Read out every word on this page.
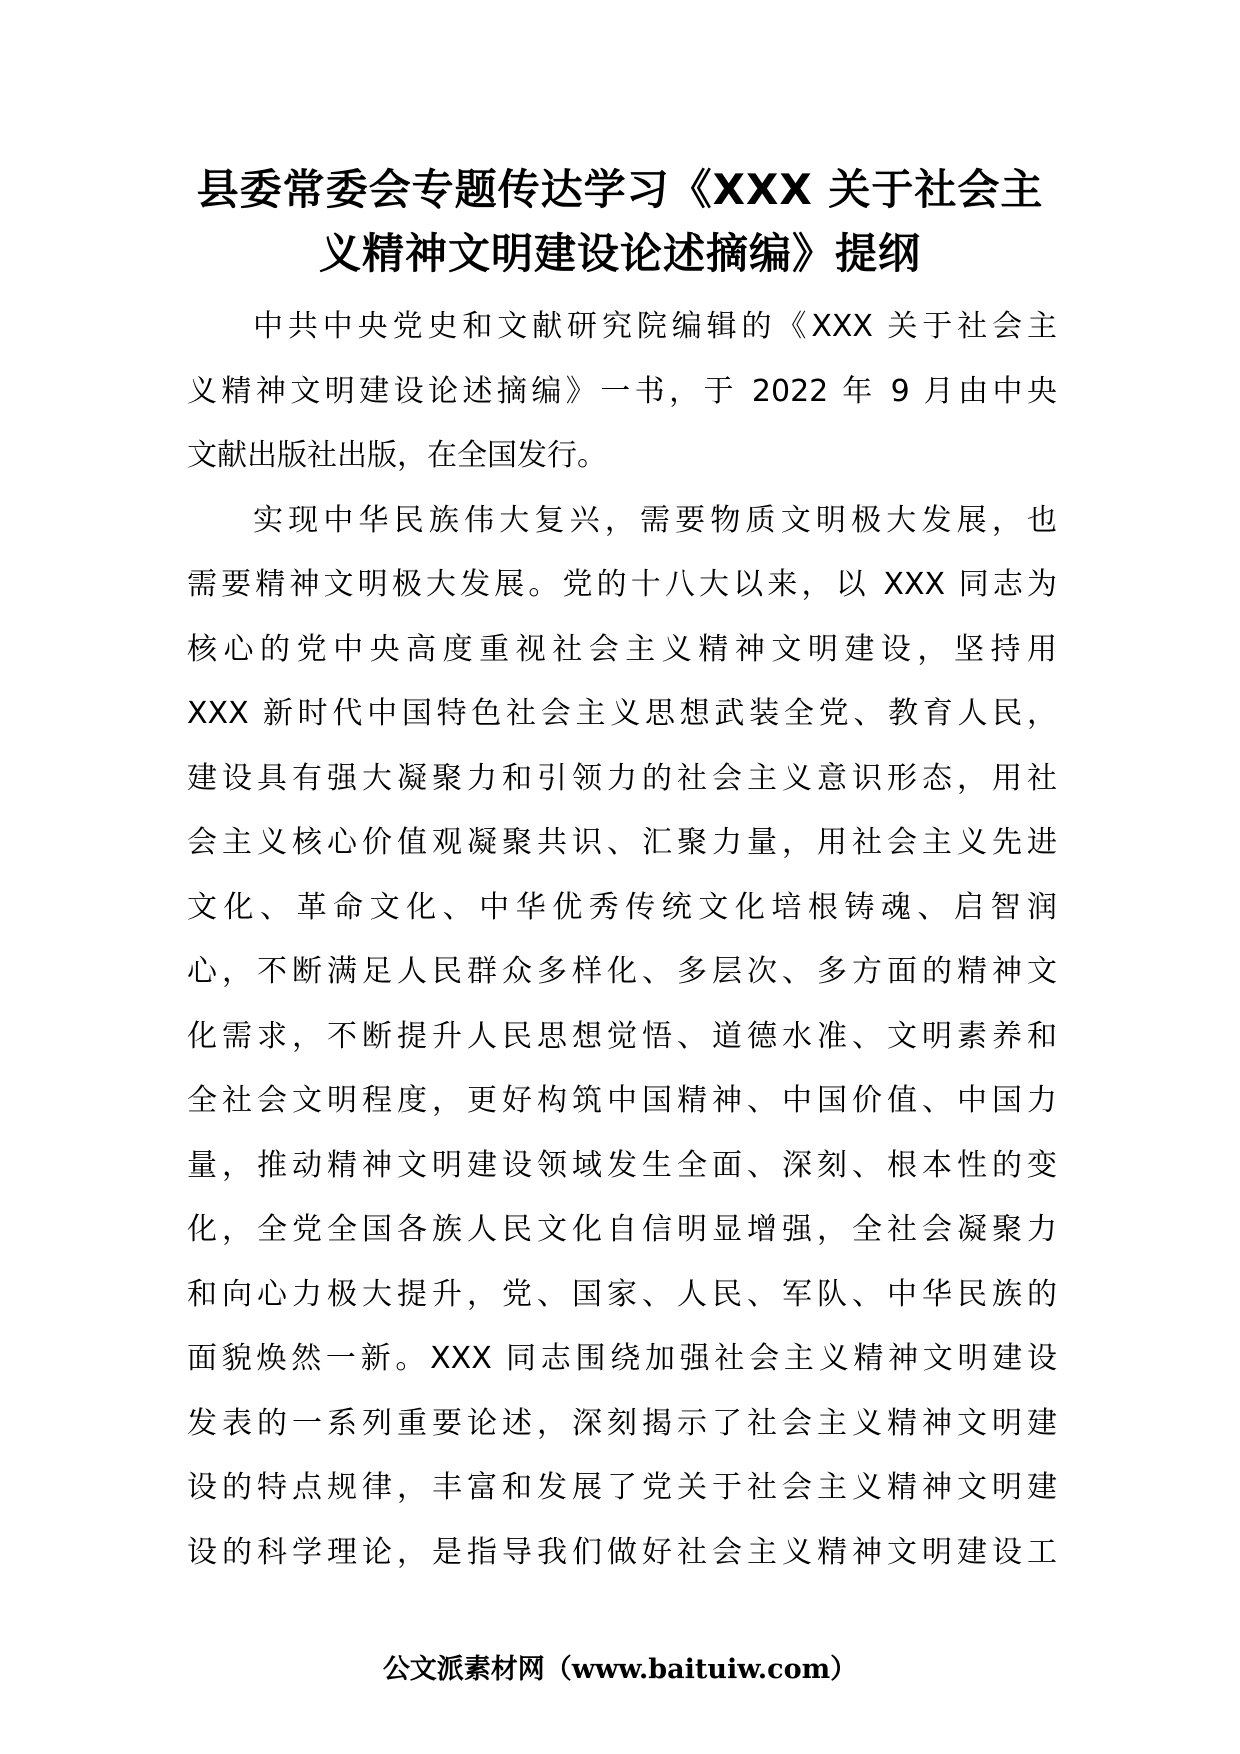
县委常委会专题传达学习《XXX 关于社会主
义精神文明建设论述摘编》提纲
中共中央党史和文献研究院编辑的《XXX 关于社会主
义精神文明建设论述摘编》一书，于 2022 年 9 月由中央
文献出版社出版，在全国发行。
实现中华民族伟大复兴，需要物质文明极大发展，也
需要精神文明极大发展。党的十八大以来，以 XXX 同志为
核心的党中央高度重视社会主义精神文明建设，坚持用
XXX 新时代中国特色社会主义思想武装全党、教育人民，
建设具有强大凝聚力和引领力的社会主义意识形态，用社
会主义核心价值观凝聚共识、汇聚力量，用社会主义先进
文化、革命文化、中华优秀传统文化培根铸魂、启智润
心，不断满足人民群众多样化、多层次、多方面的精神文
化需求，不断提升人民思想觉悟、道德水准、文明素养和
全社会文明程度，更好构筑中国精神、中国价值、中国力
量，推动精神文明建设领域发生全面、深刻、根本性的变
化，全党全国各族人民文化自信明显增强，全社会凝聚力
和向心力极大提升，党、国家、人民、军队、中华民族的
面貌焕然一新。XXX 同志围绕加强社会主义精神文明建设
发表的一系列重要论述，深刻揭示了社会主义精神文明建
设的特点规律，丰富和发展了党关于社会主义精神文明建
设的科学理论，是指导我们做好社会主义精神文明建设工
公文派素材网（www.baituiw.com）
